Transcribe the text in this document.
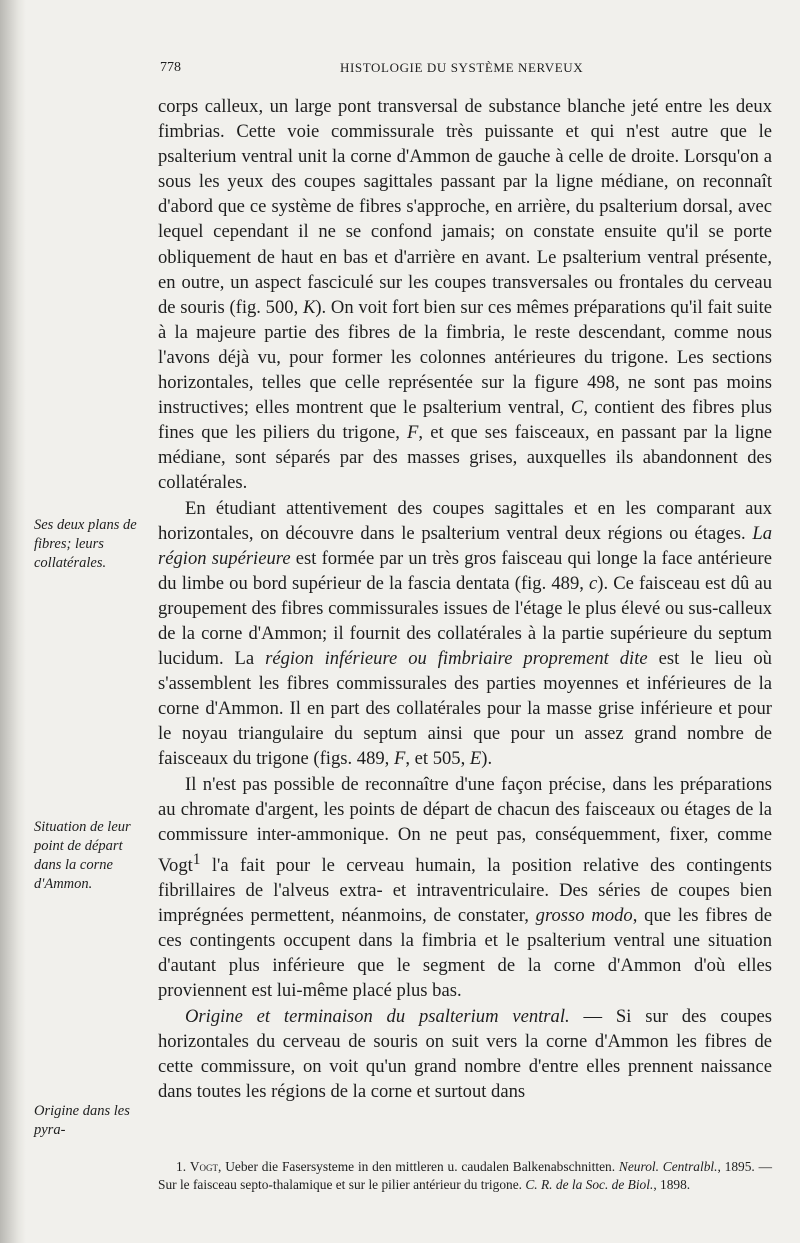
778	HISTOLOGIE DU SYSTÈME NERVEUX
Ses deux plans de fibres; leurs collatérales.
Situation de leur point de départ dans la corne d'Ammon.
Origine dans les pyra-

corps calleux, un large pont transversal de substance blanche jeté entre les deux fimbrias. Cette voie commissurale très puissante et qui n'est autre que le psalterium ventral unit la corne d'Ammon de gauche à celle de droite. Lorsqu'on a sous les yeux des coupes sagittales passant par la ligne médiane, on reconnaît d'abord que ce système de fibres s'approche, en arrière, du psalterium dorsal, avec lequel cependant il ne se confond jamais; on constate ensuite qu'il se porte obliquement de haut en bas et d'arrière en avant. Le psalterium ventral présente, en outre, un aspect fasciculé sur les coupes transversales ou frontales du cerveau de souris (fig. 500, K). On voit fort bien sur ces mêmes préparations qu'il fait suite à la majeure partie des fibres de la fimbria, le reste descendant, comme nous l'avons déjà vu, pour former les colonnes antérieures du trigone. Les sections horizontales, telles que celle représentée sur la figure 498, ne sont pas moins instructives; elles montrent que le psalterium ventral, C, contient des fibres plus fines que les piliers du trigone, F, et que ses faisceaux, en passant par la ligne médiane, sont séparés par des masses grises, auxquelles ils abandonnent des collatérales.

En étudiant attentivement des coupes sagittales et en les comparant aux horizontales, on découvre dans le psalterium ventral deux régions ou étages. La région supérieure est formée par un très gros faisceau qui longe la face antérieure du limbe ou bord supérieur de la fascia dentata (fig. 489, c). Ce faisceau est dû au groupement des fibres commissurales issues de l'étage le plus élevé ou sus-calleux de la corne d'Ammon; il fournit des collatérales à la partie supérieure du septum lucidum. La région inférieure ou fimbriaire proprement dite est le lieu où s'assemblent les fibres commissurales des parties moyennes et inférieures de la corne d'Ammon. Il en part des collatérales pour la masse grise inférieure et pour le noyau triangulaire du septum ainsi que pour un assez grand nombre de faisceaux du trigone (figs. 489, F, et 505, E).

Il n'est pas possible de reconnaître d'une façon précise, dans les préparations au chromate d'argent, les points de départ de chacun des faisceaux ou étages de la commissure inter-ammonique. On ne peut pas, conséquemment, fixer, comme Vogt$^1$ l'a fait pour le cerveau humain, la position relative des contingents fibrillaires de l'alveus extra- et intraventriculaire. Des séries de coupes bien imprégnées permettent, néanmoins, de constater, grosso modo, que les fibres de ces contingents occupent dans la fimbria et le psalterium ventral une situation d'autant plus inférieure que le segment de la corne d'Ammon d'où elles proviennent est lui-même placé plus bas.

Origine et terminaison du psalterium ventral. — Si sur des coupes horizontales du cerveau de souris on suit vers la corne d'Ammon les fibres de cette commissure, on voit qu'un grand nombre d'entre elles prennent naissance dans toutes les régions de la corne et surtout dans

1. Vogt, Ueber die Fasersysteme in den mittleren u. caudalen Balkenabschnitten. Neurol. Centralbl., 1895. — Sur le faisceau septo-thalamique et sur le pilier antérieur du trigone. C. R. de la Soc. de Biol., 1898.
